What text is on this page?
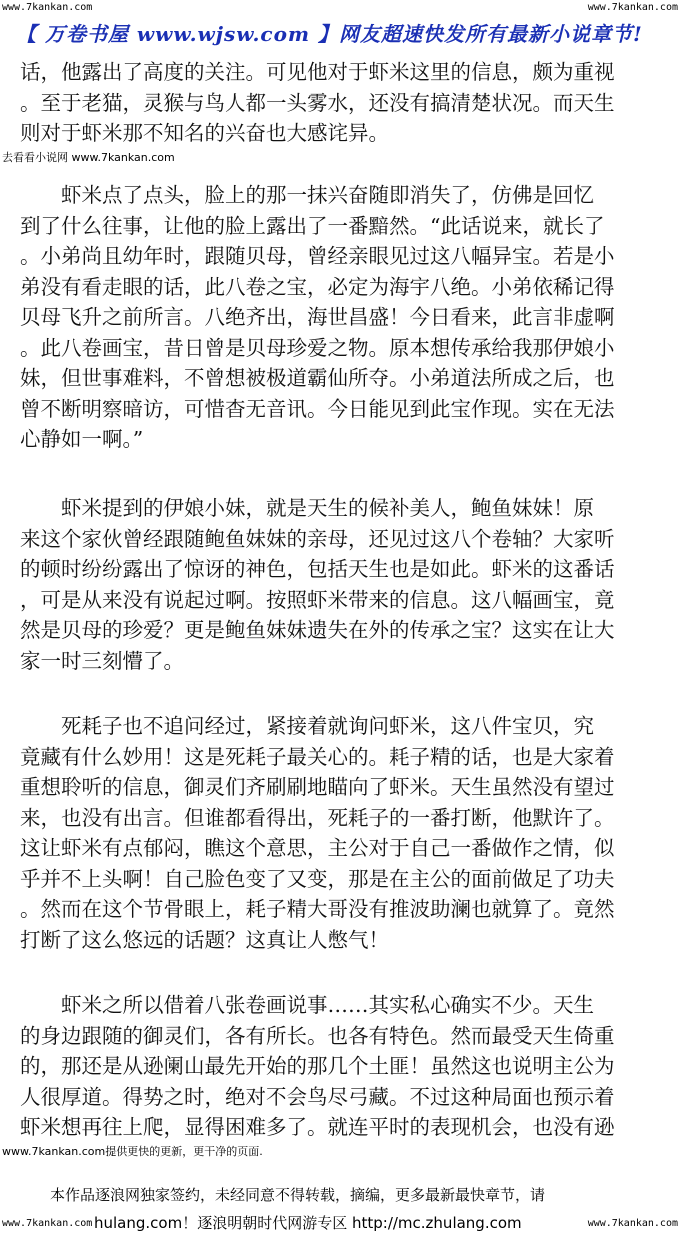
www.7kankan.com	www.7kankan.com
【 万卷书屋 www.wjsw.com 】网友超速快发所有最新小说章节!
话，他露出了高度的关注。可见他对于虾米这里的信息，颇为重视
。至于老猫，灵猴与鸟人都一头雾水，还没有搞清楚状况。而天生
则对于虾米那不知名的兴奋也大感诧异。
去看看小说网 www.7kankan.com
　　虾米点了点头，脸上的那一抹兴奋随即消失了，仿佛是回忆
到了什么往事，让他的脸上露出了一番黯然。“此话说来，就长了
。小弟尚且幼年时，跟随贝母，曾经亲眼见过这八幅异宝。若是小
弟没有看走眼的话，此八卷之宝，必定为海宇八绝。小弟依稀记得
贝母飞升之前所言。八绝齐出，海世昌盛！今日看来，此言非虚啊
。此八卷画宝，昔日曾是贝母珍爱之物。原本想传承给我那伊娘小
妹，但世事难料，不曾想被极道霸仙所夺。小弟道法所成之后，也
曾不断明察暗访，可惜杳无音讯。今日能见到此宝作现。实在无法
心静如一啊。”
　　虾米提到的伊娘小妹，就是天生的候补美人，鲍鱼妹妹！原
来这个家伙曾经跟随鲍鱼妹妹的亲母，还见过这八个卷轴？大家听
的顿时纷纷露出了惊讶的神色，包括天生也是如此。虾米的这番话
，可是从来没有说起过啊。按照虾米带来的信息。这八幅画宝，竟
然是贝母的珍爱？更是鲍鱼妹妹遗失在外的传承之宝？这实在让大
家一时三刻懵了。
　　死耗子也不追问经过，紧接着就询问虾米，这八件宝贝，究
竟藏有什么妙用！这是死耗子最关心的。耗子精的话，也是大家着
重想聆听的信息，御灵们齐刷刷地瞄向了虾米。天生虽然没有望过
来，也没有出言。但谁都看得出，死耗子的一番打断，他默许了。
这让虾米有点郁闷，瞧这个意思，主公对于自己一番做作之情，似
乎并不上头啊！自己脸色变了又变，那是在主公的面前做足了功夫
。然而在这个节骨眼上，耗子精大哥没有推波助澜也就算了。竟然
打断了这么悠远的话题？这真让人憋气！
　　虾米之所以借着八张卷画说事……其实私心确实不少。天生
的身边跟随的御灵们，各有所长。也各有特色。然而最受天生倚重
的，那还是从逊阑山最先开始的那几个土匪！虽然这也说明主公为
人很厚道。得势之时，绝对不会鸟尽弓藏。不过这种局面也预示着
虾米想再往上爬，显得困难多了。就连平时的表现机会，也没有逊
www.7kankan.com提供更快的更新，更干净的页面.
本作品逐浪网独家签约，未经同意不得转载，摘编，更多最新最快章节，请
hulang.com！逐浪明朝时代网游专区 http://mc.zhulang.com
www.7kankan.com	www.7kankan.com
